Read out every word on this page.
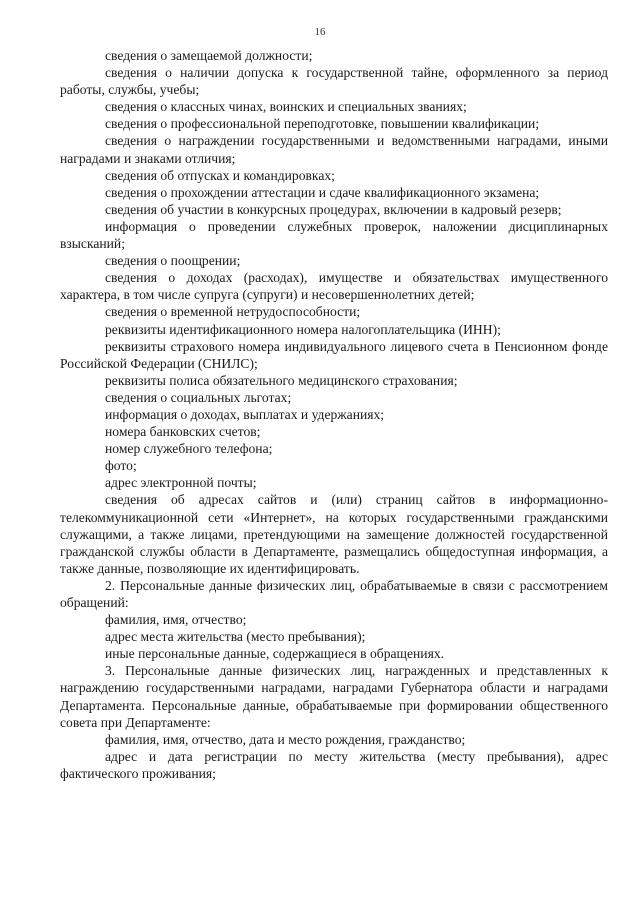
16

сведения о замещаемой должности;

сведения о наличии допуска к государственной тайне, оформленного за период работы, службы, учебы;

сведения о классных чинах, воинских и специальных званиях;

сведения о профессиональной переподготовке, повышении квалификации;

сведения о награждении государственными и ведомственными наградами, иными наградами и знаками отличия;

сведения об отпусках и командировках;

сведения о прохождении аттестации и сдаче квалификационного экзамена;

сведения об участии в конкурсных процедурах, включении в кадровый резерв;

информация о проведении служебных проверок, наложении дисциплинарных взысканий;

сведения о поощрении;

сведения о доходах (расходах), имуществе и обязательствах имущественного характера, в том числе супруга (супруги) и несовершеннолетних детей;

сведения о временной нетрудоспособности;

реквизиты идентификационного номера налогоплательщика (ИНН);

реквизиты страхового номера индивидуального лицевого счета в Пенсионном фонде Российской Федерации (СНИЛС);

реквизиты полиса обязательного медицинского страхования;

сведения о социальных льготах;

информация о доходах, выплатах и удержаниях;

номера банковских счетов;

номер служебного телефона;

фото;

адрес электронной почты;

сведения об адресах сайтов и (или) страниц сайтов в информационно-телекоммуникационной сети «Интернет», на которых государственными гражданскими служащими, а также лицами, претендующими на замещение должностей государственной гражданской службы области в Департаменте, размещались общедоступная информация, а также данные, позволяющие их идентифицировать.

2. Персональные данные физических лиц, обрабатываемые в связи с рассмотрением обращений:

фамилия, имя, отчество;

адрес места жительства (место пребывания);

иные персональные данные, содержащиеся в обращениях.

3. Персональные данные физических лиц, награжденных и представленных к награждению государственными наградами, наградами Губернатора области и наградами Департамента. Персональные данные, обрабатываемые при формировании общественного совета при Департаменте:

фамилия, имя, отчество, дата и место рождения, гражданство;

адрес и дата регистрации по месту жительства (месту пребывания), адрес фактического проживания;
